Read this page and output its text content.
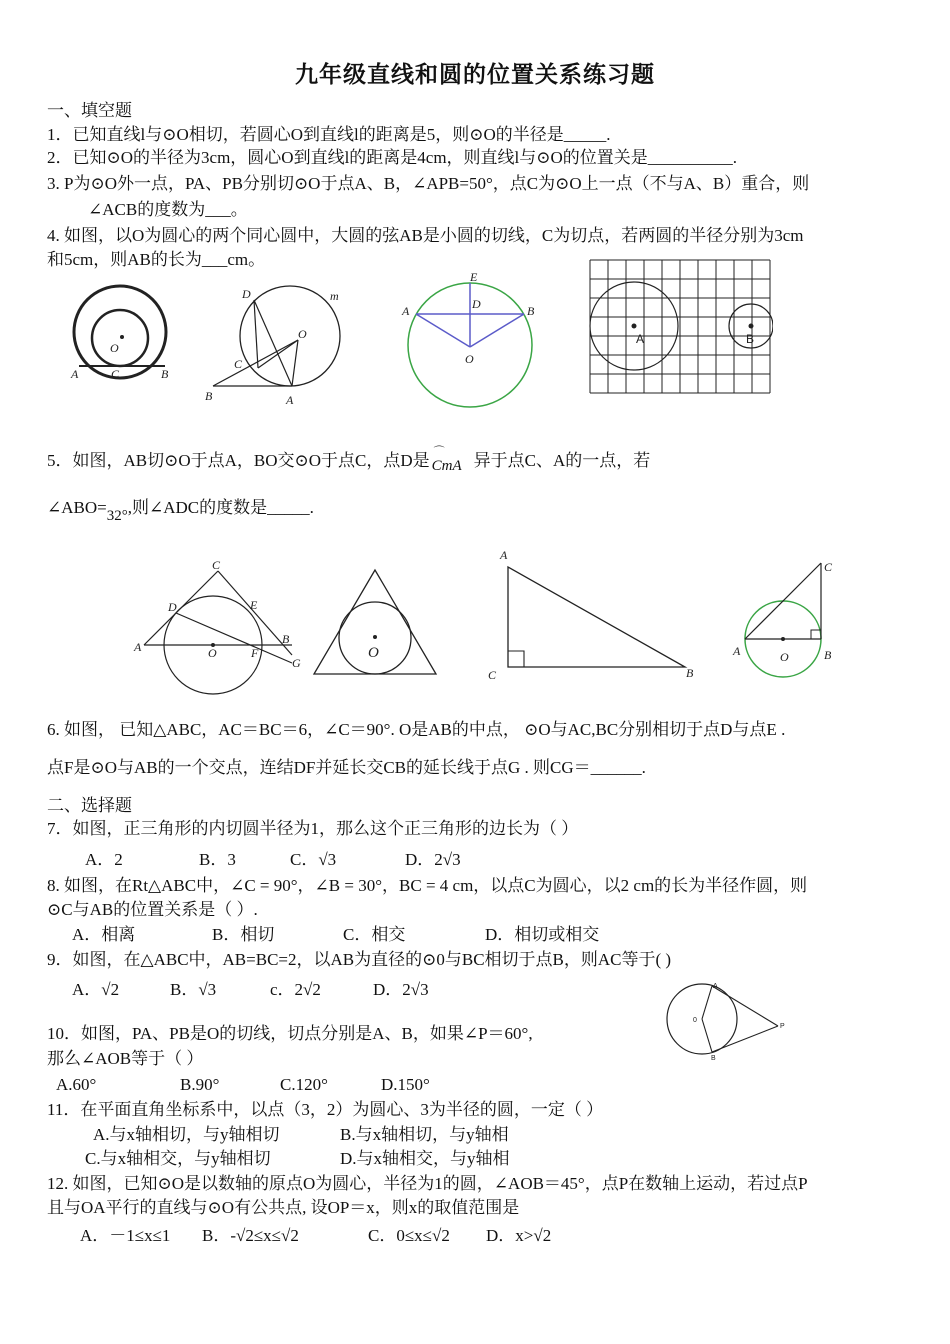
九年级直线和圆的位置关系练习题
一、填空题
1．已知直线l与⊙O相切，若圆心O到直线l的距离是5，则⊙O的半径是_____.
2．已知⊙O的半径为3cm，圆心O到直线l的距离是4cm，则直线l与⊙O的位置关是__________.
3. P为⊙O外一点，PA、PB分别切⊙O于点A、B，∠APB=50°，点C为⊙O上一点（不与A、B）重合，则
∠ACB的度数为___。
4. 如图，以O为圆心的两个同心圆中，大圆的弦AB是小圆的切线，C为切点，若两圆的半径分别为3cm
和5cm，则AB的长为___cm。
O
A	C	B
D	m
O
C
B	A
E
D
A	B
O
A	B
5．如图，AB切⊙O于点A，BO交⊙O于点C，点D是 ⌒
CmA 异于点C、A的一点，若
∠ABO=32°,则∠ADC的度数是_____.
C
D	E
A	O	F
B
G
O
A
C	B
C
A	O	B
6. 如图， 已知△ABC，AC＝BC＝6，∠C＝90°. O是AB的中点， ⊙O与AC,BC分别相切于点D与点E .
点F是⊙O与AB的一个交点，连结DF并延长交CB的延长线于点G . 则CG＝______.
二、选择题
7．如图，正三角形的内切圆半径为1，那么这个正三角形的边长为（ ）
A．2	B．3	C．√3	D．2√3
8. 如图，在Rt△ABC中，∠C = 90°，∠B = 30°，BC = 4 cm，以点C为圆心，以2 cm的长为半径作圆，则
⊙C与AB的位置关系是（ ）.
A．相离	B．相切	C．相交	D．相切或相交
9．如图，在△ABC中，AB=BC=2，以AB为直径的⊙0与BC相切于点B，则AC等于( )
A．√2	B．√3	c．2√2	D．2√3	A
0
P
B
10．如图，PA、PB是O的切线，切点分别是A、B，如果∠P＝60°,
那么∠AOB等于（ ）
A.60°	B.90°	C.120°	D.150°
11．在平面直角坐标系中，以点（3，2）为圆心、3为半径的圆，一定（ ）
A.与x轴相切，与y轴相切	B.与x轴相切，与y轴相
C.与x轴相交，与y轴相切	D.与x轴相交，与y轴相
12. 如图，已知⊙O是以数轴的原点O为圆心，半径为1的圆，∠AOB＝45°，点P在数轴上运动，若过点P
且与OA平行的直线与⊙O有公共点, 设OP＝x，则x的取值范围是
A．－1≤x≤1 B．-√2≤x≤√2	C．0≤x≤√2 D．x>√2
